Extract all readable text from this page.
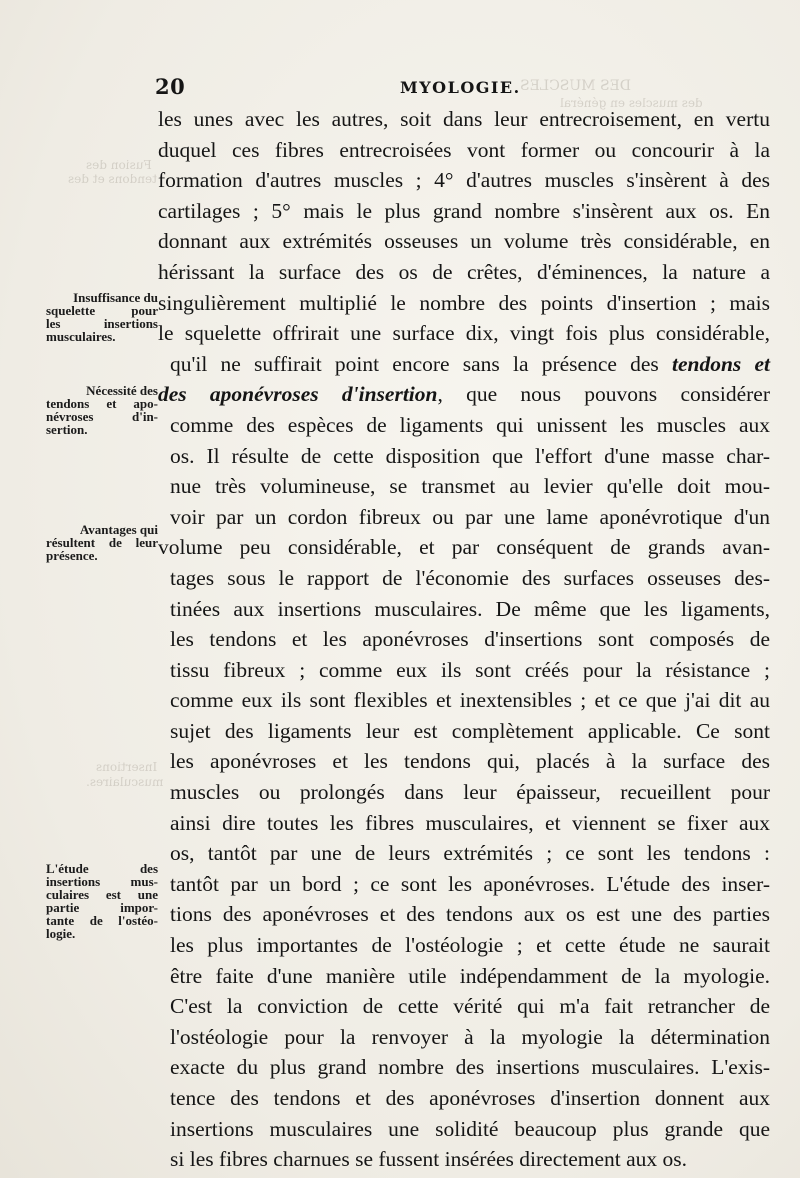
DES MUSCLES
des muscles en général
Fusion des
tendons et des
Insertions
musculaires.
20	MYOLOGIE.
les unes avec les autres, soit dans leur entrecroisement, en vertu
duquel ces fibres entrecroisées vont former ou concourir à la
formation d'autres muscles ; 4° d'autres muscles s'insèrent à des
cartilages ; 5° mais le plus grand nombre s'insèrent aux os. En
donnant aux extrémités osseuses un volume très considérable, en
hérissant la surface des os de crêtes, d'éminences, la nature a
singulièrement multiplié le nombre des points d'insertion ; mais
le squelette offrirait une surface dix, vingt fois plus considérable,
qu'il ne suffirait point encore sans la présence des tendons et
des aponévroses d'insertion, que nous pouvons considérer
comme des espèces de ligaments qui unissent les muscles aux
os. Il résulte de cette disposition que l'effort d'une masse char-
nue très volumineuse, se transmet au levier qu'elle doit mou-
voir par un cordon fibreux ou par une lame aponévrotique d'un
volume peu considérable, et par conséquent de grands avan-
tages sous le rapport de l'économie des surfaces osseuses des-
tinées aux insertions musculaires. De même que les ligaments,
les tendons et les aponévroses d'insertions sont composés de
tissu fibreux ; comme eux ils sont créés pour la résistance ;
comme eux ils sont flexibles et inextensibles ; et ce que j'ai dit au
sujet des ligaments leur est complètement applicable. Ce sont
les aponévroses et les tendons qui, placés à la surface des
muscles ou prolongés dans leur épaisseur, recueillent pour
ainsi dire toutes les fibres musculaires, et viennent se fixer aux
os, tantôt par une de leurs extrémités ; ce sont les tendons :
tantôt par un bord ; ce sont les aponévroses. L'étude des inser-
tions des aponévroses et des tendons aux os est une des parties
les plus importantes de l'ostéologie ; et cette étude ne saurait
être faite d'une manière utile indépendamment de la myologie.
C'est la conviction de cette vérité qui m'a fait retrancher de
l'ostéologie pour la renvoyer à la myologie la détermination
exacte du plus grand nombre des insertions musculaires. L'exis-
tence des tendons et des aponévroses d'insertion donnent aux
insertions musculaires une solidité beaucoup plus grande que
si les fibres charnues se fussent insérées directement aux os.
Insuffisance du
squelette pour
les insertions
musculaires.
Nécessité des
tendons et apo-
névroses d'in-
sertion.
Avantages qui
résultent de leur
présence.
L'étude des
insertions mus-
culaires est une
partie impor-
tante de l'ostéo-
logie.
